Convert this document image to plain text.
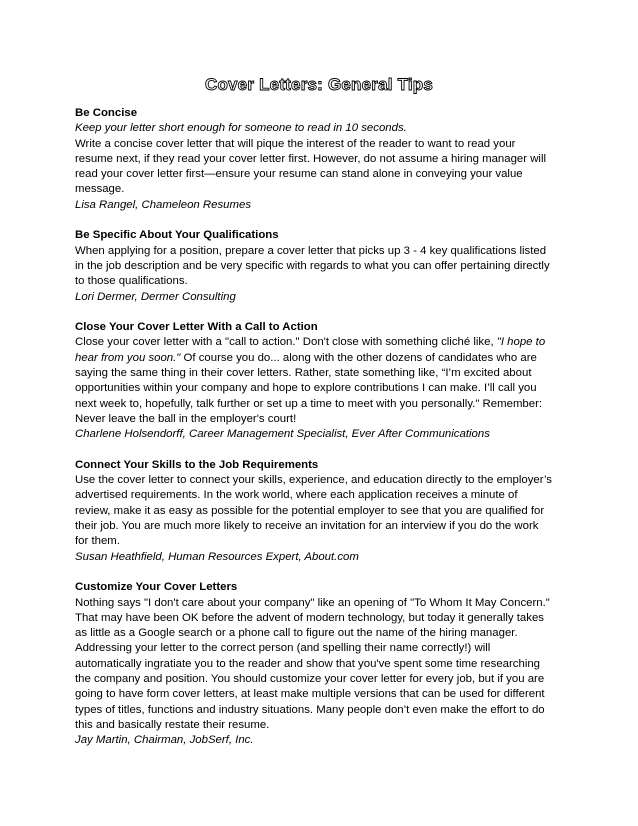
Cover Letters: General Tips
Be Concise
Keep your letter short enough for someone to read in 10 seconds.
Write a concise cover letter that will pique the interest of the reader to want to read your
resume next, if they read your cover letter first. However, do not assume a hiring manager will
read your cover letter first—ensure your resume can stand alone in conveying your value
message.
Lisa Rangel, Chameleon Resumes
Be Specific About Your Qualifications
When applying for a position, prepare a cover letter that picks up 3 - 4 key qualifications listed
in the job description and be very specific with regards to what you can offer pertaining directly
to those qualifications.
Lori Dermer, Dermer Consulting
Close Your Cover Letter With a Call to Action
Close your cover letter with a "call to action." Don't close with something cliché like, "I hope to
hear from you soon." Of course you do... along with the other dozens of candidates who are
saying the same thing in their cover letters. Rather, state something like, “I’m excited about
opportunities within your company and hope to explore contributions I can make. I’ll call you
next week to, hopefully, talk further or set up a time to meet with you personally." Remember:
Never leave the ball in the employer's court!
Charlene Holsendorff, Career Management Specialist, Ever After Communications
Connect Your Skills to the Job Requirements
Use the cover letter to connect your skills, experience, and education directly to the employer’s
advertised requirements. In the work world, where each application receives a minute of
review, make it as easy as possible for the potential employer to see that you are qualified for
their job. You are much more likely to receive an invitation for an interview if you do the work
for them.
Susan Heathfield, Human Resources Expert, About.com
Customize Your Cover Letters
Nothing says "I don't care about your company" like an opening of "To Whom It May Concern."
That may have been OK before the advent of modern technology, but today it generally takes
as little as a Google search or a phone call to figure out the name of the hiring manager.
Addressing your letter to the correct person (and spelling their name correctly!) will
automatically ingratiate you to the reader and show that you've spent some time researching
the company and position. You should customize your cover letter for every job, but if you are
going to have form cover letters, at least make multiple versions that can be used for different
types of titles, functions and industry situations. Many people don’t even make the effort to do
this and basically restate their resume.
Jay Martin, Chairman, JobSerf, Inc.
